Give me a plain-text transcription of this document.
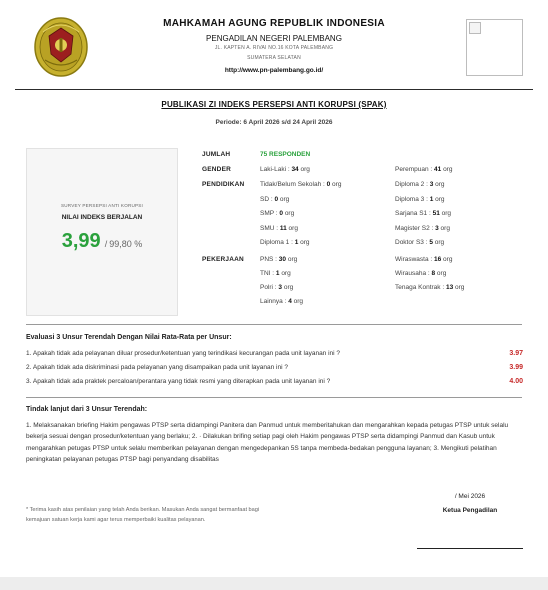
MAHKAMAH AGUNG REPUBLIK INDONESIA
PENGADILAN NEGERI PALEMBANG
JL. KAPTEN A. RIVAI NO.16 KOTA PALEMBANG
SUMATERA SELATAN
http://www.pn-palembang.go.id/
PUBLIKASI ZI INDEKS PERSEPSI ANTI KORUPSI (SPAK)
Periode: 6 April 2026 s/d 24 April 2026
SURVEY PERSEPSI ANTI KORUPSI
NILAI INDEKS BERJALAN
3,99 / 99,80 %
JUMLAH	75 RESPONDEN
GENDER	Laki-Laki : 34 org	Perempuan : 41 org
PENDIDIKAN Tidak/Belum Sekolah : 0 org	Diploma 2 : 3 org
SD : 0 org	Diploma 3 : 1 org
SMP : 0 org	Sarjana S1 : 51 org
SMU : 11 org	Magister S2 : 3 org
Diploma 1 : 1 org	Doktor S3 : 5 org
PEKERJAAN PNS : 30 org	Wiraswasta : 16 org
TNI : 1 org	Wirausaha : 8 org
Polri : 3 org	Tenaga Kontrak : 13 org
Lainnya : 4 org
Evaluasi 3 Unsur Terendah Dengan Nilai Rata-Rata per Unsur:
1. Apakah tidak ada pelayanan diluar prosedur/ketentuan yang terindikasi kecurangan pada unit layanan ini ?	3.97
2. Apakah tidak ada diskriminasi pada pelayanan yang disampaikan pada unit layanan ini ?	3.99
3. Apakah tidak ada praktek percaloan/perantara yang tidak resmi yang diterapkan pada unit layanan ini ?	4.00
Tindak lanjut dari 3 Unsur Terendah:
1. Melaksanakan briefing Hakim pengawas PTSP serta didampingi Panitera dan Panmud untuk memberitahukan dan mengarahkan kepada petugas PTSP untuk selalu bekerja sesuai dengan prosedur/ketentuan yang berlaku; 2. · Dilakukan brifing setiap pagi oleh Hakim pengawas PTSP serta didampingi Panmud dan Kasub untuk mengarahkan petugas PTSP untuk selalu memberikan pelayanan dengan mengedepankan 5S tanpa membeda-bedakan pengguna layanan; 3. Mengikuti pelatihan peningkatan pelayanan petugas PTSP bagi penyandang disabilitas
* Terima kasih atas penilaian yang telah Anda berikan. Masukan Anda sangat bermanfaat bagi kemajuan satuan kerja kami agar terus memperbaiki kualitas pelayanan.
/ Mei 2026
Ketua Pengadilan
